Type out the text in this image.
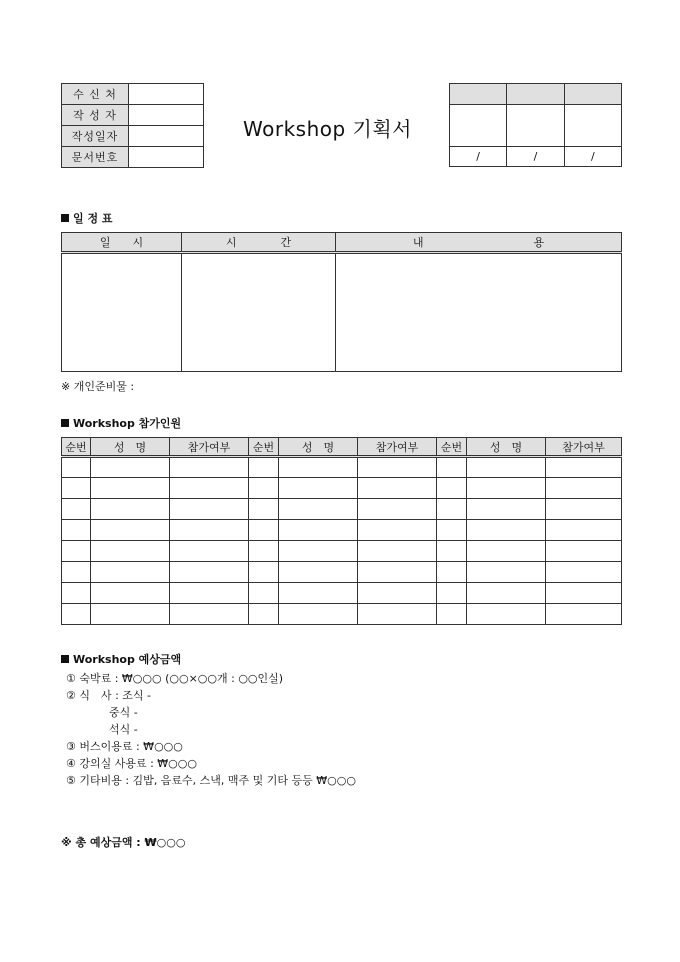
수 신 처	
작 성 자	
작성일자	
문서번호	
Workshop 기획서

/	/	/
일 정 표
일　　시	시　　　　간	내　　　　　　　　　　용

※ 개인준비물 :
Workshop 참가인원
순번	성　명	참가여부	순번	성　명	참가여부	순번	성　명	참가여부

Workshop 예상금액
① 숙박료 : ₩○○○ (○○×○○개 : ○○인실)
② 식　사 : 조식 -
중식 -
석식 -
③ 버스이용료 : ₩○○○
④ 강의실 사용료 : ₩○○○
⑤ 기타비용 : 김밥, 음료수, 스낵, 맥주 및 기타 등등 ₩○○○
※ 총 예상금액 : ₩○○○
